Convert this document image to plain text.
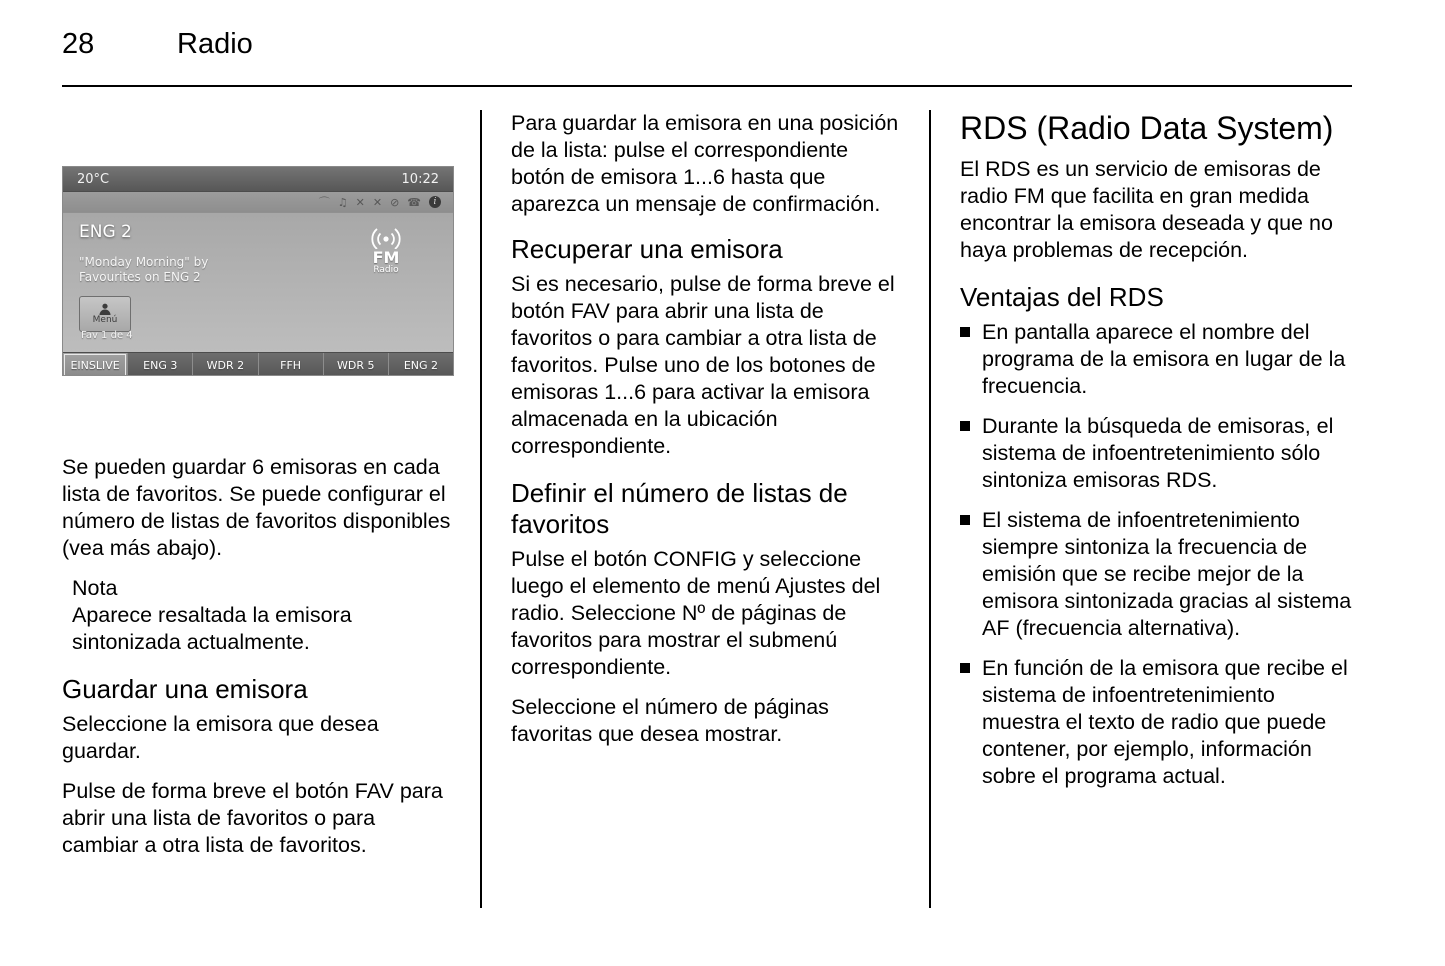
28	Radio
20°C	10:22
⌒
♫
✕
✕
⊘
☎
i
ENG 2
"Monday Morning" by
Favourites on ENG 2
FM
Radio
Menú
Fav 1 de 4
EINSLIVE	ENG 3	WDR 2	FFH	WDR 5	ENG 2

Se pueden guardar 6 emisoras en cada lista de favoritos. Se puede configurar el número de listas de favoritos disponibles (vea más abajo).

Nota

Aparece resaltada la emisora sintonizada actualmente.

Guardar una emisora

Seleccione la emisora que desea guardar.

Pulse de forma breve el botón FAV para abrir una lista de favoritos o para cambiar a otra lista de favoritos.

Para guardar la emisora en una posición de la lista: pulse el correspondiente botón de emisora 1...6 hasta que aparezca un mensaje de confirmación.

Recuperar una emisora

Si es necesario, pulse de forma breve el botón FAV para abrir una lista de favoritos o para cambiar a otra lista de favoritos. Pulse uno de los botones de emisoras 1...6 para activar la emisora almacenada en la ubicación correspondiente.

Definir el número de listas de favoritos

Pulse el botón CONFIG y seleccione luego el elemento de menú Ajustes del radio. Seleccione Nº de páginas de favoritos para mostrar el submenú correspondiente.

Seleccione el número de páginas favoritas que desea mostrar.

RDS (Radio Data System)

El RDS es un servicio de emisoras de radio FM que facilita en gran medida encontrar la emisora deseada y que no haya problemas de recepción.

Ventajas del RDS
En pantalla aparece el nombre del programa de la emisora en lugar de la frecuencia.
Durante la búsqueda de emisoras, el sistema de infoentretenimiento sólo sintoniza emisoras RDS.
El sistema de infoentretenimiento siempre sintoniza la frecuencia de emisión que se recibe mejor de la emisora sintonizada gracias al sistema AF (frecuencia alternativa).
En función de la emisora que recibe el sistema de infoentretenimiento muestra el texto de radio que puede contener, por ejemplo, información sobre el programa actual.
